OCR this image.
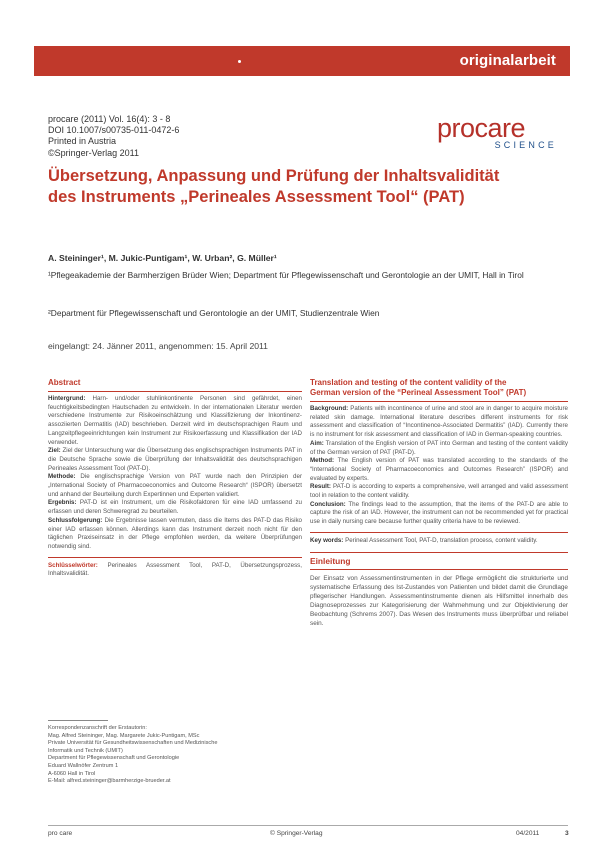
originalarbeit
procare (2011) Vol. 16(4): 3 - 8
DOI 10.1007/s00735-011-0472-6
Printed in Austria
©Springer-Verlag 2011
procare
SCIENCE
Übersetzung, Anpassung und Prüfung der Inhaltsvalidität
des Instruments „Perineales Assessment Tool“ (PAT)
A. Steininger¹, M. Jukic-Puntigam¹, W. Urban², G. Müller¹
¹Pflegeakademie der Barmherzigen Brüder Wien; Department für Pflegewissenschaft und Gerontologie an der UMIT, Hall in Tirol
²Department für Pflegewissenschaft und Gerontologie an der UMIT, Studienzentrale Wien
eingelangt: 24. Jänner 2011, angenommen: 15. April 2011
Abstract
Hintergrund: Harn- und/oder stuhlinkontinente Personen sind gefährdet, einen feuchtigkeitsbedingten Hautschaden zu entwickeln. In der internationalen Literatur werden verschiedene Instrumente zur Risikoeinschätzung und Klassifizierung der Inkontinenz-assoziierten Dermatitis (IAD) beschrieben. Derzeit wird im deutschsprachigen Raum und Langzeitpflegeeinrichtungen kein Instrument zur Risikoerfassung und Klassifikation der IAD verwendet.
Ziel: Ziel der Untersuchung war die Übersetzung des englischsprachigen Instruments PAT in die Deutsche Sprache sowie die Überprüfung der Inhaltsvalidität des deutschsprachigen Perineales Assessment Tool (PAT-D).
Methode: Die englischsprachige Version von PAT wurde nach den Prinzipien der „International Society of Pharmacoeconomics and Outcome Research“ (ISPOR) übersetzt und anhand der Beurteilung durch Expertinnen und Experten validiert.
Ergebnis: PAT-D ist ein Instrument, um die Risikofaktoren für eine IAD umfassend zu erfassen und deren Schweregrad zu beurteilen.
Schlussfolgerung: Die Ergebnisse lassen vermuten, dass die Items des PAT-D das Risiko einer IAD erfassen können. Allerdings kann das Instrument derzeit noch nicht für den täglichen Praxiseinsatz in der Pflege empfohlen werden, da weitere Überprüfungen notwendig sind.
Schlüsselwörter: Perineales Assessment Tool, PAT-D, Übersetzungsprozess, Inhaltsvalidität.
Korrespondenzanschrift der Erstautorin:
Mag. Alfred Steininger, Mag. Margarete Jukic-Puntigam, MSc
Private Universität für Gesundheitswissenschaften und Medizinische
Informatik und Technik (UMIT)
Department für Pflegewissenschaft und Gerontologie
Eduard Wallnöfer Zentrum 1
A-6060 Hall in Tirol
E-Mail: alfred.steininger@barmherzige-brueder.at
Translation and testing of the content validity of the
German version of the “Perineal Assessment Tool” (PAT)
Background: Patients with incontinence of urine and stool are in danger to acquire moisture related skin damage. International literature describes different instruments for risk assessment and classification of “Incontinence-Associated Dermatitis” (IAD). Currently there is no instrument for risk assessment and classification of IAD in German-speaking countries.
Aim: Translation of the English version of PAT into German and testing of the content validity of the German version of PAT (PAT-D).
Method: The English version of PAT was translated according to the standards of the “International Society of Pharmacoeconomics and Outcomes Research” (ISPOR) and evaluated by experts.
Result: PAT-D is according to experts a comprehensive, well arranged and valid assessment tool in relation to the content validity.
Conclusion: The findings lead to the assumption, that the items of the PAT-D are able to capture the risk of an IAD. However, the instrument can not be recommended yet for practical use in daily nursing care because further quality criteria have to be reviewed.
Key words: Perineal Assessment Tool, PAT-D, translation process, content validity.
Einleitung
Der Einsatz von Assessmentinstrumenten in der Pflege ermöglicht die strukturierte und systematische Erfassung des Ist-Zustandes von Patienten und bildet damit die Grundlage pflegerischer Handlungen. Assessmentinstrumente dienen als Hilfsmittel innerhalb des Diagnoseprozesses zur Kategorisierung der Wahrnehmung und zur Objektivierung der Beobachtung (Schrems 2007). Das Wesen des Instruments muss überprüfbar und reliabel sein.
pro care	© Springer-Verlag	04/2011	3
